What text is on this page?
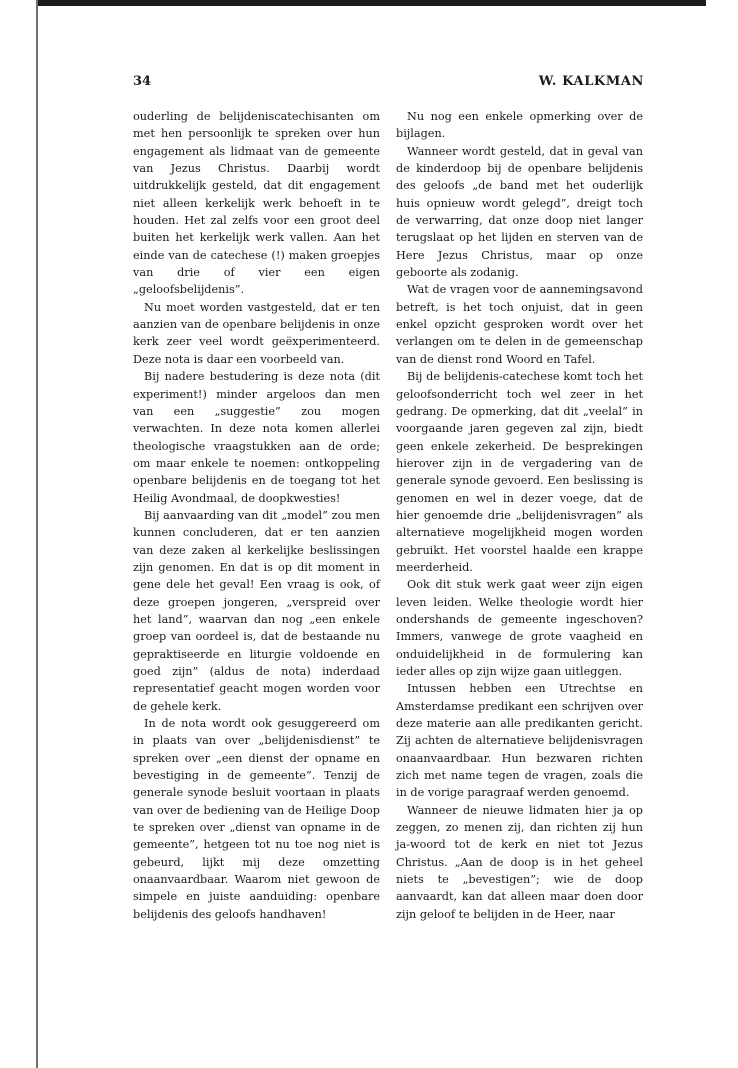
34	W. KALKMAN

ouderling de belijdeniscatechisanten om met hen persoonlijk te spreken over hun engagement als lidmaat van de gemeente van Jezus Christus. Daarbij wordt uitdrukkelijk gesteld, dat dit engagement niet alleen kerkelijk werk behoeft in te houden. Het zal zelfs voor een groot deel buiten het kerkelijk werk vallen. Aan het einde van de catechese (!) maken groepjes van drie of vier een eigen „geloofsbelijdenis”.

Nu moet worden vastgesteld, dat er ten aanzien van de openbare belijdenis in onze kerk zeer veel wordt geëxperimenteerd. Deze nota is daar een voorbeeld van.

Bij nadere bestudering is deze nota (dit experiment!) minder argeloos dan men van een „suggestie” zou mogen verwachten. In deze nota komen allerlei theologische vraagstukken aan de orde; om maar enkele te noemen: ontkoppeling openbare belijdenis en de toegang tot het Heilig Avondmaal, de doopkwesties!

Bij aanvaarding van dit „model” zou men kunnen concluderen, dat er ten aanzien van deze zaken al kerkelijke beslissingen zijn genomen. En dat is op dit moment in gene dele het geval! Een vraag is ook, of deze groepen jongeren, „verspreid over het land”, waarvan dan nog „een enkele groep van oordeel is, dat de bestaande nu gepraktiseerde en liturgie voldoende en goed zijn” (aldus de nota) inderdaad representatief geacht mogen worden voor de gehele kerk.

In de nota wordt ook gesuggereerd om in plaats van over „belijdenisdienst” te spreken over „een dienst der opname en bevestiging in de gemeente”. Tenzij de generale synode besluit voortaan in plaats van over de bediening van de Heilige Doop te spreken over „dienst van opname in de gemeente”, hetgeen tot nu toe nog niet is gebeurd, lijkt mij deze omzetting onaanvaardbaar. Waarom niet gewoon de simpele en juiste aanduiding: openbare belijdenis des geloofs handhaven!

Nu nog een enkele opmerking over de bijlagen.

Wanneer wordt gesteld, dat in geval van de kinderdoop bij de openbare belijdenis des geloofs „de band met het ouderlijk huis opnieuw wordt gelegd”, dreigt toch de verwarring, dat onze doop niet langer terugslaat op het lijden en sterven van de Here Jezus Christus, maar op onze geboorte als zodanig.

Wat de vragen voor de aannemingsavond betreft, is het toch onjuist, dat in geen enkel opzicht gesproken wordt over het verlangen om te delen in de gemeenschap van de dienst rond Woord en Tafel.

Bij de belijdenis-catechese komt toch het geloofsonderricht toch wel zeer in het gedrang. De opmerking, dat dit „veelal” in voorgaande jaren gegeven zal zijn, biedt geen enkele zekerheid. De besprekingen hierover zijn in de vergadering van de generale synode gevoerd. Een beslissing is genomen en wel in dezer voege, dat de hier genoemde drie „belijdenisvragen” als alternatieve mogelijkheid mogen worden gebruikt. Het voorstel haalde een krappe meerderheid.

Ook dit stuk werk gaat weer zijn eigen leven leiden. Welke theologie wordt hier ondershands de gemeente ingeschoven? Immers, vanwege de grote vaagheid en onduidelijkheid in de formulering kan ieder alles op zijn wijze gaan uitleggen.

Intussen hebben een Utrechtse en Amsterdamse predikant een schrijven over deze materie aan alle predikanten gericht. Zij achten de alternatieve belijdenisvragen onaanvaardbaar. Hun bezwaren richten zich met name tegen de vragen, zoals die in de vorige paragraaf werden genoemd.

Wanneer de nieuwe lidmaten hier ja op zeggen, zo menen zij, dan richten zij hun ja-woord tot de kerk en niet tot Jezus Christus. „Aan de doop is in het geheel niets te „bevestigen”; wie de doop aanvaardt, kan dat alleen maar doen door zijn geloof te belijden in de Heer, naar
